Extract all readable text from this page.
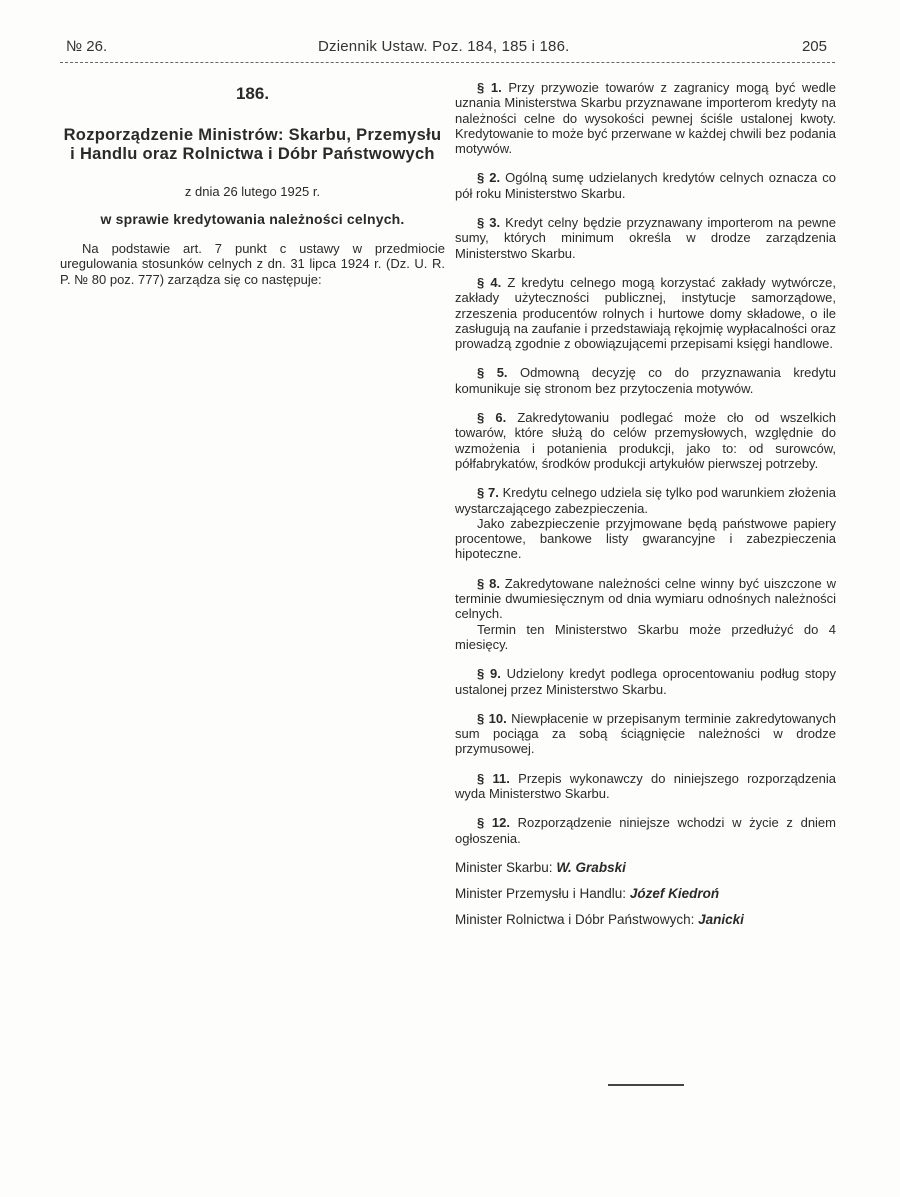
№ 26.	Dziennik Ustaw. Poz. 184, 185 i 186.	205

186.

Rozporządzenie Ministrów: Skarbu, Przemysłu i Handlu oraz Rolnictwa i Dóbr Państwowych

z dnia 26 lutego 1925 r.

w sprawie kredytowania należności celnych.

Na podstawie art. 7 punkt c ustawy w przedmiocie uregulowania stosunków celnych z dn. 31 lipca 1924 r. (Dz. U. R. P. № 80 poz. 777) zarządza się co następuje:

§ 1. Przy przywozie towarów z zagranicy mogą być wedle uznania Ministerstwa Skarbu przyznawane importerom kredyty na należności celne do wysokości pewnej ściśle ustalonej kwoty. Kredytowanie to może być przerwane w każdej chwili bez podania motywów.

§ 2. Ogólną sumę udzielanych kredytów celnych oznacza co pół roku Ministerstwo Skarbu.

§ 3. Kredyt celny będzie przyznawany importerom na pewne sumy, których minimum określa w drodze zarządzenia Ministerstwo Skarbu.

§ 4. Z kredytu celnego mogą korzystać zakłady wytwórcze, zakłady użyteczności publicznej, instytucje samorządowe, zrzeszenia producentów rolnych i hurtowe domy składowe, o ile zasługują na zaufanie i przedstawiają rękojmię wypłacalności oraz prowadzą zgodnie z obowiązującemi przepisami księgi handlowe.

§ 5. Odmowną decyzję co do przyznawania kredytu komunikuje się stronom bez przytoczenia motywów.

§ 6. Zakredytowaniu podlegać może cło od wszelkich towarów, które służą do celów przemysłowych, względnie do wzmożenia i potanienia produkcji, jako to: od surowców, półfabrykatów, środków produkcji artykułów pierwszej potrzeby.

§ 7. Kredytu celnego udziela się tylko pod warunkiem złożenia wystarczającego zabezpieczenia.

Jako zabezpieczenie przyjmowane będą państwowe papiery procentowe, bankowe listy gwarancyjne i zabezpieczenia hipoteczne.

§ 8. Zakredytowane należności celne winny być uiszczone w terminie dwumiesięcznym od dnia wymiaru odnośnych należności celnych.

Termin ten Ministerstwo Skarbu może przedłużyć do 4 miesięcy.

§ 9. Udzielony kredyt podlega oprocentowaniu podług stopy ustalonej przez Ministerstwo Skarbu.

§ 10. Niewpłacenie w przepisanym terminie zakredytowanych sum pociąga za sobą ściągnięcie należności w drodze przymusowej.

§ 11. Przepis wykonawczy do niniejszego rozporządzenia wyda Ministerstwo Skarbu.

§ 12. Rozporządzenie niniejsze wchodzi w życie z dniem ogłoszenia.

Minister Skarbu: W. Grabski

Minister Przemysłu i Handlu: Józef Kiedroń

Minister Rolnictwa i Dóbr Państwowych: Janicki
